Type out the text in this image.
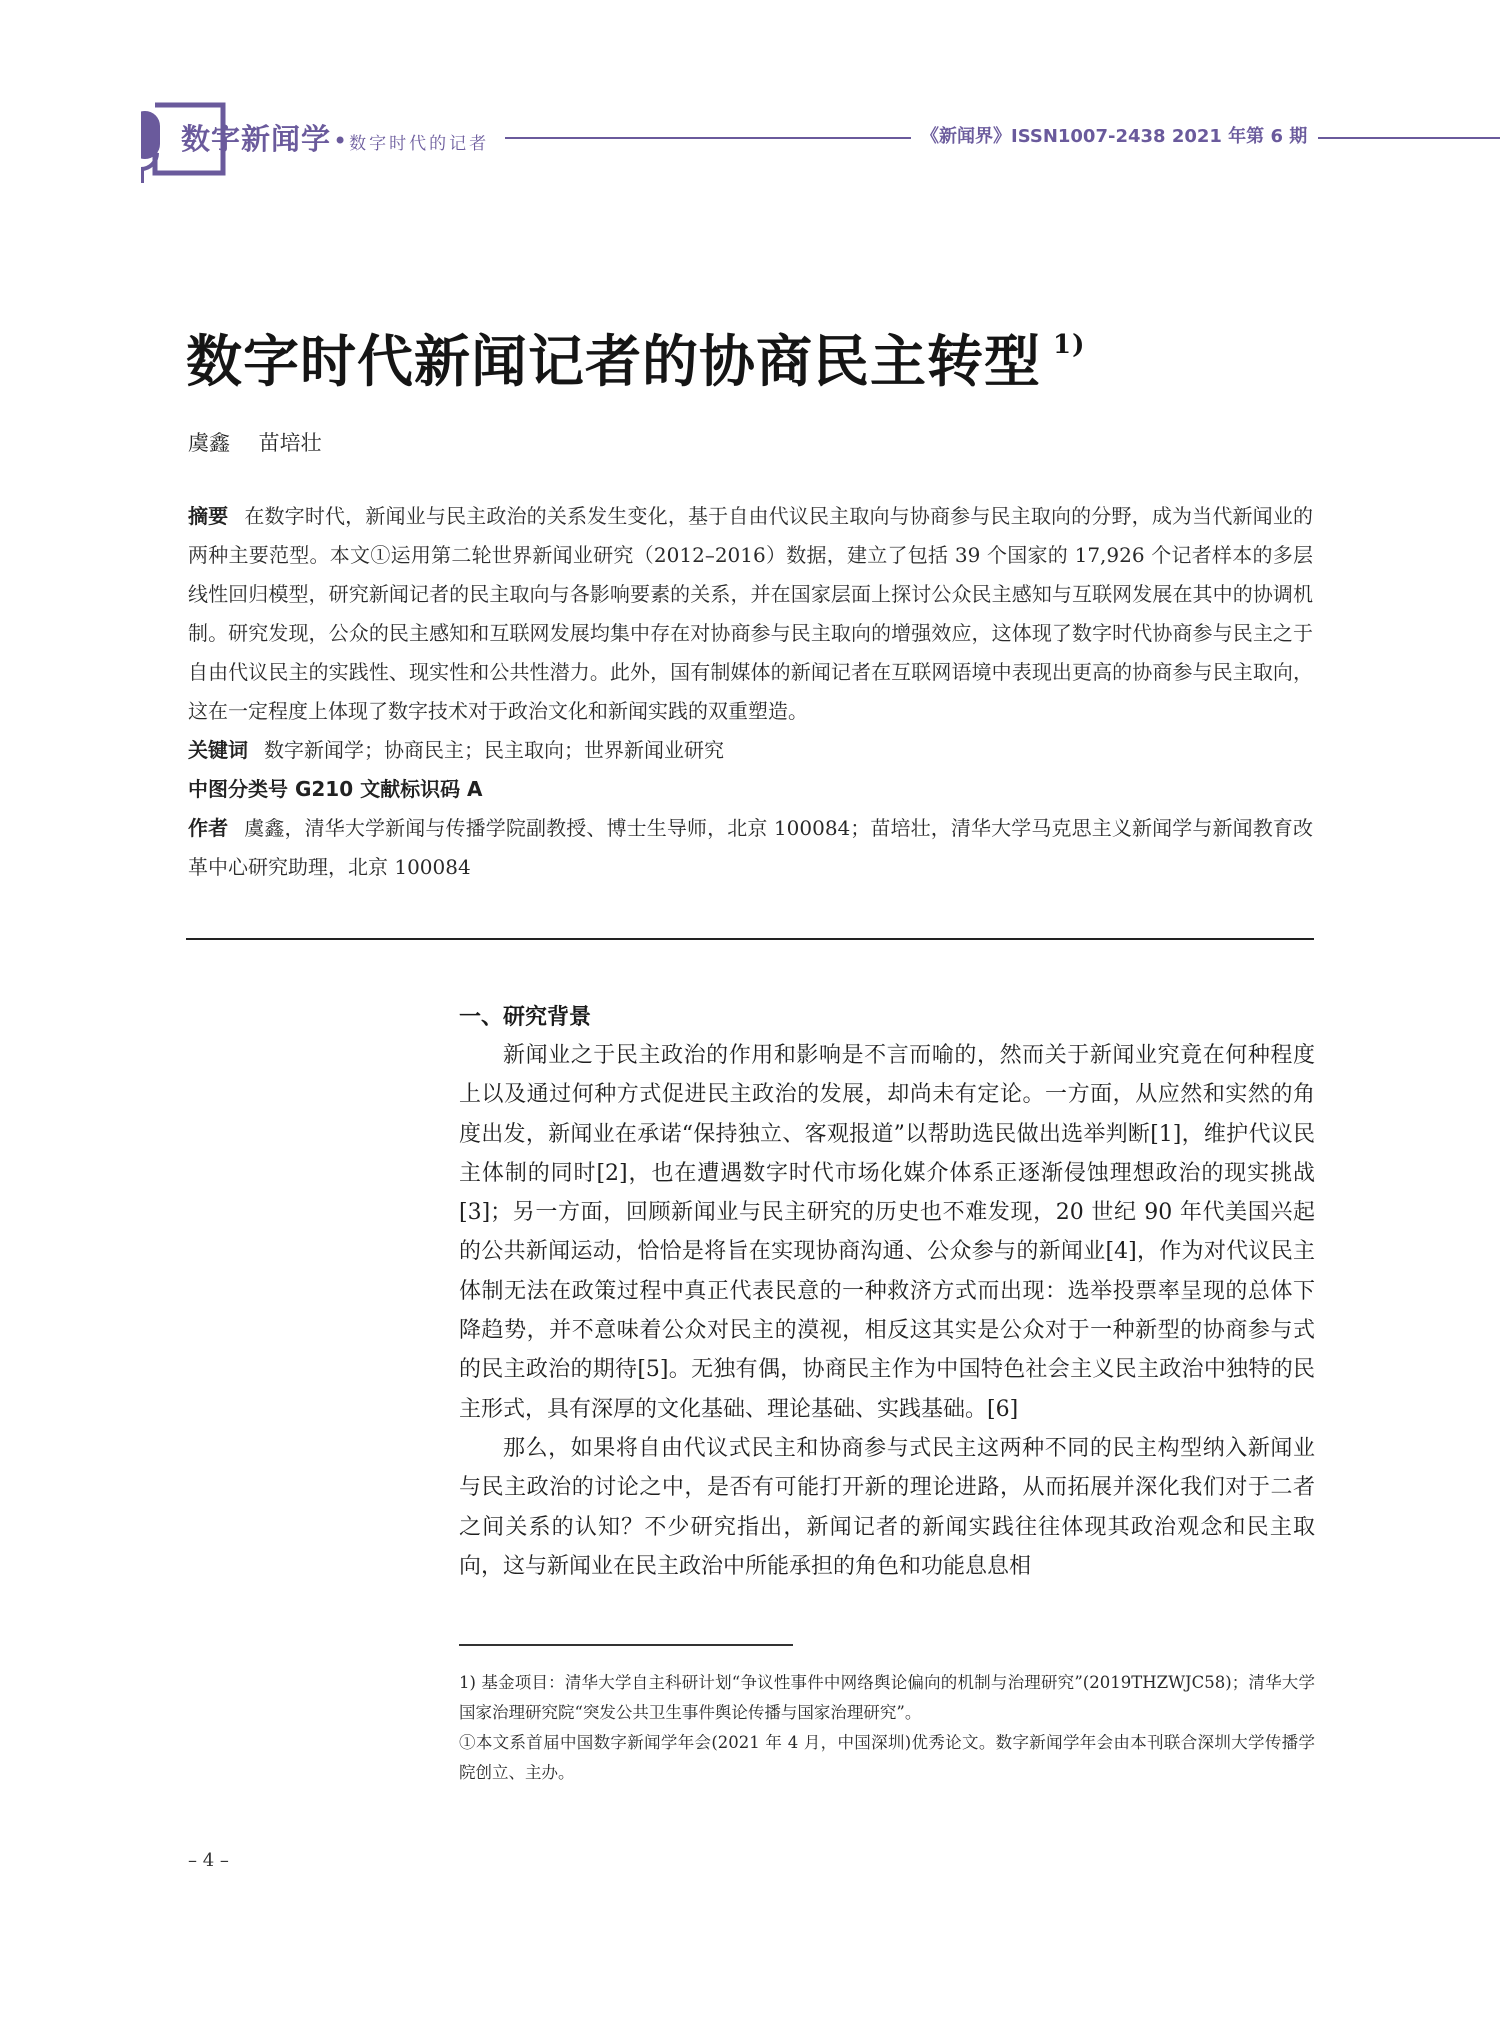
数字新闻学 • 数字时代的记者	《新闻界》ISSN1007-2438 2021 年第 6 期
数字时代新闻记者的协商民主转型 $^{1)}$
虞鑫 苗培壮

摘要 在数字时代，新闻业与民主政治的关系发生变化，基于自由代议民主取向与协商参与民主取向的分野，成为当代新闻业的两种主要范型。本文①运用第二轮世界新闻业研究（2012–2016）数据，建立了包括 39 个国家的 17,926 个记者样本的多层线性回归模型，研究新闻记者的民主取向与各影响要素的关系，并在国家层面上探讨公众民主感知与互联网发展在其中的协调机制。研究发现，公众的民主感知和互联网发展均集中存在对协商参与民主取向的增强效应，这体现了数字时代协商参与民主之于自由代议民主的实践性、现实性和公共性潜力。此外，国有制媒体的新闻记者在互联网语境中表现出更高的协商参与民主取向，这在一定程度上体现了数字技术对于政治文化和新闻实践的双重塑造。

关键词 数字新闻学；协商民主；民主取向；世界新闻业研究

中图分类号 G210 文献标识码 A

作者 虞鑫，清华大学新闻与传播学院副教授、博士生导师，北京 100084；苗培壮，清华大学马克思主义新闻学与新闻教育改革中心研究助理，北京 100084

一、研究背景

新闻业之于民主政治的作用和影响是不言而喻的，然而关于新闻业究竟在何种程度上以及通过何种方式促进民主政治的发展，却尚未有定论。一方面，从应然和实然的角度出发，新闻业在承诺“保持独立、客观报道”以帮助选民做出选举判断[1]，维护代议民主体制的同时[2]，也在遭遇数字时代市场化媒介体系正逐渐侵蚀理想政治的现实挑战[3]；另一方面，回顾新闻业与民主研究的历史也不难发现，20 世纪 90 年代美国兴起的公共新闻运动，恰恰是将旨在实现协商沟通、公众参与的新闻业[4]，作为对代议民主体制无法在政策过程中真正代表民意的一种救济方式而出现：选举投票率呈现的总体下降趋势，并不意味着公众对民主的漠视，相反这其实是公众对于一种新型的协商参与式的民主政治的期待[5]。无独有偶，协商民主作为中国特色社会主义民主政治中独特的民主形式，具有深厚的文化基础、理论基础、实践基础。[6]

那么，如果将自由代议式民主和协商参与式民主这两种不同的民主构型纳入新闻业与民主政治的讨论之中，是否有可能打开新的理论进路，从而拓展并深化我们对于二者之间关系的认知？不少研究指出，新闻记者的新闻实践往往体现其政治观念和民主取向，这与新闻业在民主政治中所能承担的角色和功能息息相

1) 基金项目：清华大学自主科研计划“争议性事件中网络舆论偏向的机制与治理研究”(2019THZWJC58)；清华大学国家治理研究院“突发公共卫生事件舆论传播与国家治理研究”。

①本文系首届中国数字新闻学年会(2021 年 4 月，中国深圳)优秀论文。数字新闻学年会由本刊联合深圳大学传播学院创立、主办。

– 4 –
